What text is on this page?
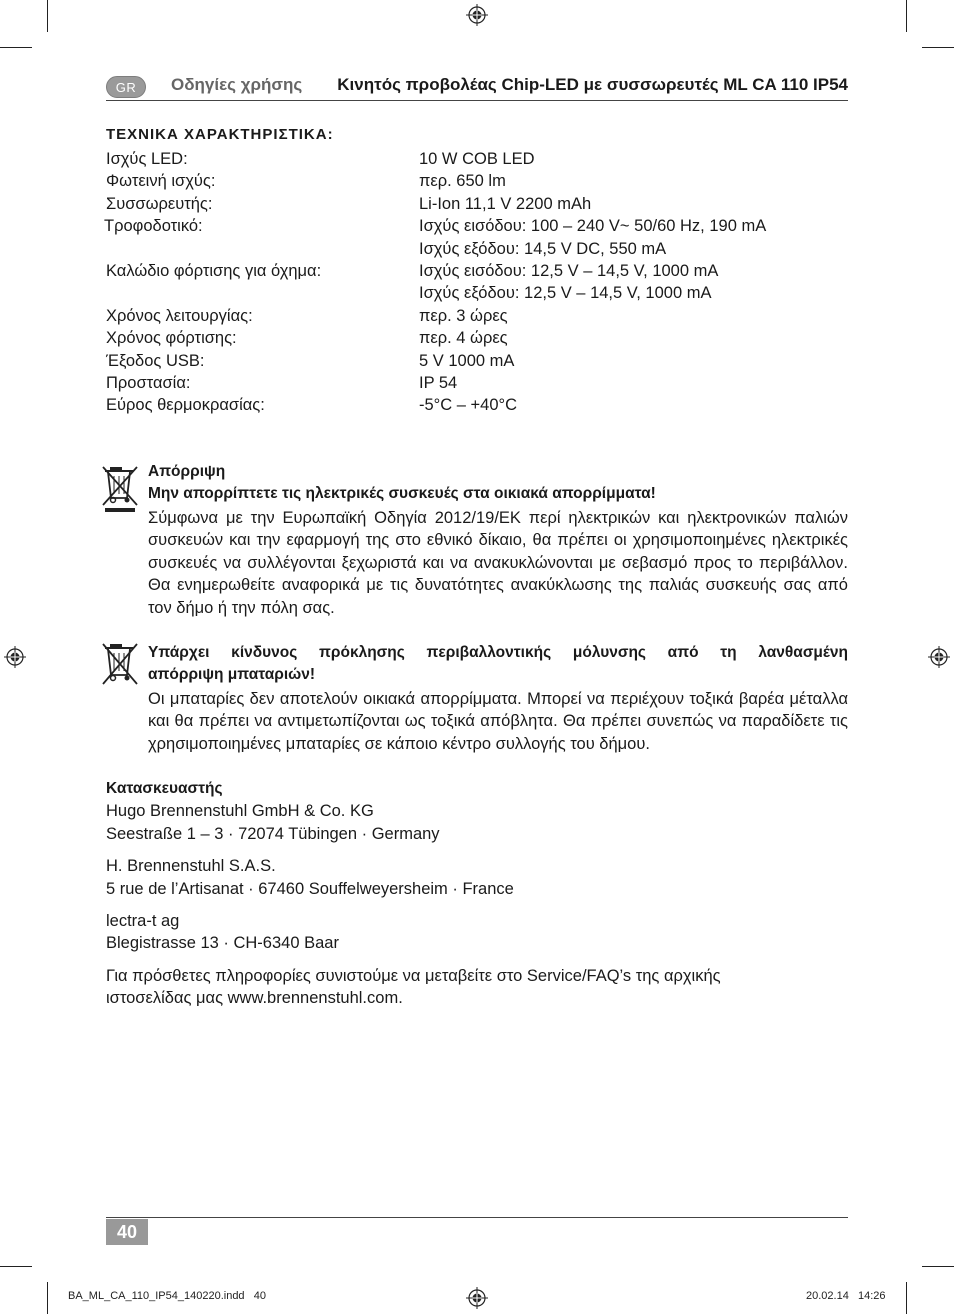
GR	Οδηγίες χρήσης Κινητός προβολέας Chip-LED με συσσωρευτές ML CA 110 IP54
ΤΕΧΝΙΚΑ ΧΑΡΑΚΤΗΡΙΣΤΙΚΑ:
Ισχύς LED:	10 W COB LED
Φωτεινή ισχύς:	περ. 650 lm
Συσσωρευτής:	Li-Ion 11,1 V 2200 mAh
Τροφοδοτικό:	Ισχύς εισόδου: 100 – 240 V~ 50/60 Hz, 190 mA
Ισχύς εξόδου: 14,5 V DC, 550 mA
Καλώδιο φόρτισης για όχημα:	Ισχύς εισόδου: 12,5 V – 14,5 V, 1000 mA
Ισχύς εξόδου: 12,5 V – 14,5 V, 1000 mA
Χρόνος λειτουργίας:	περ. 3 ώρες
Χρόνος φόρτισης:	περ. 4 ώρες
Έξοδος USB:	5 V 1000 mA
Προστασία:	IP 54
Εύρος θερμοκρασίας:	-5°C – +40°C
Απόρριψη
Μην απορρίπτετε τις ηλεκτρικές συσκευές στα οικιακά απορρίμματα!
Σύμφωνα με την Ευρωπαϊκή Οδηγία 2012/19/ΕΚ περί ηλεκτρικών και ηλεκτρονικών παλιών συσκευών και την εφαρμογή της στο εθνικό δίκαιο, θα πρέπει οι χρησιμοποιημένες ηλεκτρικές συσκευές να συλλέγονται ξεχωριστά και να ανακυκλώνονται με σεβασμό προς το περιβάλλον. Θα ενημερωθείτε αναφορικά με τις δυνατότητες ανακύκλωσης της παλιάς συσκευής σας από τον δήμο ή την πόλη σας.
Υπάρχει κίνδυνος πρόκλησης περιβαλλοντικής μόλυνσης από τη λανθασμένη
απόρριψη μπαταριών!
Οι μπαταρίες δεν αποτελούν οικιακά απορρίμματα. Μπορεί να περιέχουν τοξικά βαρέα μέταλλα και θα πρέπει να αντιμετωπίζονται ως τοξικά απόβλητα. Θα πρέπει συνεπώς να παραδίδετε τις χρησιμοποιημένες μπαταρίες σε κάποιο κέντρο συλλογής του δήμου.
Κατασκευαστής
Hugo Brennenstuhl GmbH & Co. KG
Seestraße 1 – 3 · 72074 Tübingen · Germany
H. Brennenstuhl S.A.S.
5 rue de l’Artisanat · 67460 Souffelweyersheim · France
lectra-t ag
Blegistrasse 13 · CH-6340 Baar
Για πρόσθετες πληροφορίες συνιστούμε να μεταβείτε στο Service/FAQ’s της αρχικής
ιστοσελίδας μας www.brennenstuhl.com.
40
BA_ML_CA_110_IP54_140220.indd   40	20.02.14   14:26
